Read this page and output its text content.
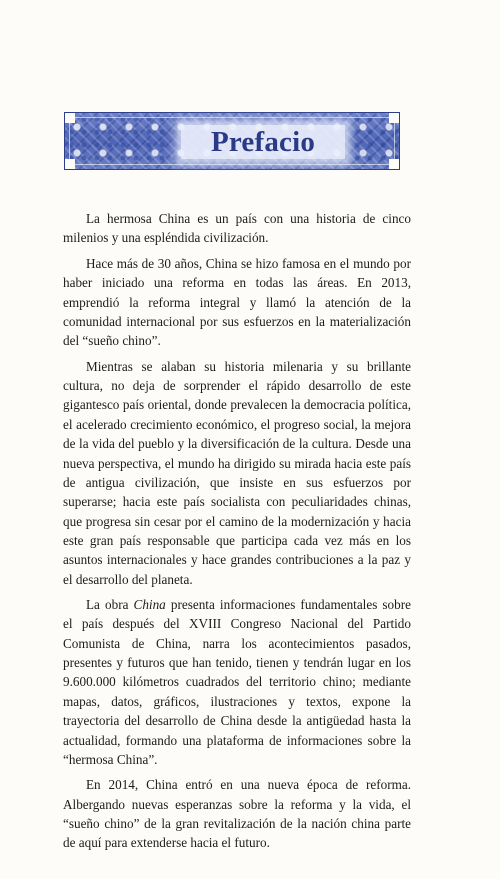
Prefacio

La hermosa China es un país con una historia de cinco milenios y una espléndida civilización.

Hace más de 30 años, China se hizo famosa en el mundo por haber iniciado una reforma en todas las áreas. En 2013, emprendió la reforma integral y llamó la atención de la comunidad internacional por sus esfuerzos en la materialización del “sueño chino”.

Mientras se alaban su historia milenaria y su brillante cultura, no deja de sorprender el rápido desarrollo de este gigantesco país oriental, donde prevalecen la democracia política, el acelerado crecimiento económico, el progreso social, la mejora de la vida del pueblo y la diversificación de la cultura. Desde una nueva perspectiva, el mundo ha dirigido su mirada hacia este país de antigua civilización, que insiste en sus esfuerzos por superarse; hacia este país socialista con peculiaridades chinas, que progresa sin cesar por el camino de la modernización y hacia este gran país responsable que participa cada vez más en los asuntos internacionales y hace grandes contribuciones a la paz y el desarrollo del planeta.

La obra China presenta informaciones fundamentales sobre el país después del XVIII Congreso Nacional del Partido Comunista de China, narra los acontecimientos pasados, presentes y futuros que han tenido, tienen y tendrán lugar en los 9.600.000 kilómetros cuadrados del territorio chino; mediante mapas, datos, gráficos, ilustraciones y textos, expone la trayectoria del desarrollo de China desde la antigüedad hasta la actualidad, formando una plataforma de informaciones sobre la “hermosa China”.

En 2014, China entró en una nueva época de reforma. Albergando nuevas esperanzas sobre la reforma y la vida, el “sueño chino” de la gran revitalización de la nación china parte de aquí para extenderse hacia el futuro.
